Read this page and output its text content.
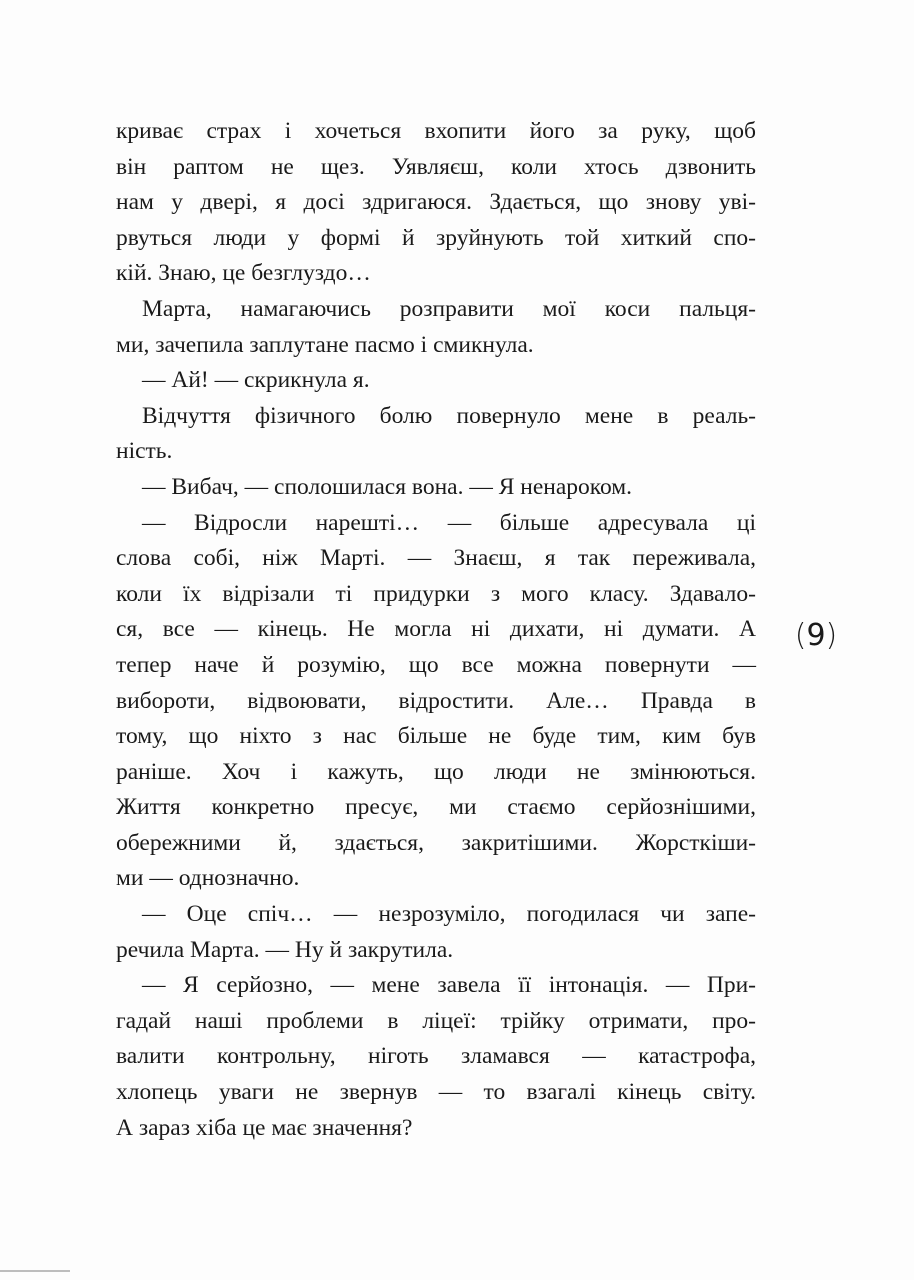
криває страх і хочеться вхопити його за руку, щоб
він раптом не щез. Уявляєш, коли хтось дзвонить
нам у двері, я досі здригаюся. Здається, що знову уві-
рвуться люди у формі й зруйнують той хиткий спо-
кій. Знаю, це безглуздо…
Марта, намагаючись розправити мої коси пальця-
ми, зачепила заплутане пасмо і смикнула.
— Ай! — скрикнула я.
Відчуття фізичного болю повернуло мене в реаль-
ність.
— Вибач, — сполошилася вона. — Я ненароком.
— Відросли нарешті… — більше адресувала ці
слова собі, ніж Марті. — Знаєш, я так переживала,
коли їх відрізали ті придурки з мого класу. Здавало-
ся, все — кінець. Не могла ні дихати, ні думати. А
тепер наче й розумію, що все можна повернути —
вибороти, відвоювати, відростити. Але… Правда в
тому, що ніхто з нас більше не буде тим, ким був
раніше. Хоч і кажуть, що люди не змінюються.
Життя конкретно пресує, ми стаємо серйознішими,
обережними й, здається, закритішими. Жорсткіши-
ми — однозначно.
— Оце спіч… — незрозуміло, погодилася чи запе-
речила Марта. — Ну й закрутила.
— Я серйозно, — мене завела її інтонація. — При-
гадай наші проблеми в ліцеї: трійку отримати, про-
валити контрольну, ніготь зламався — катастрофа,
хлопець уваги не звернув — то взагалі кінець світу.
А зараз хіба це має значення?
(9)
